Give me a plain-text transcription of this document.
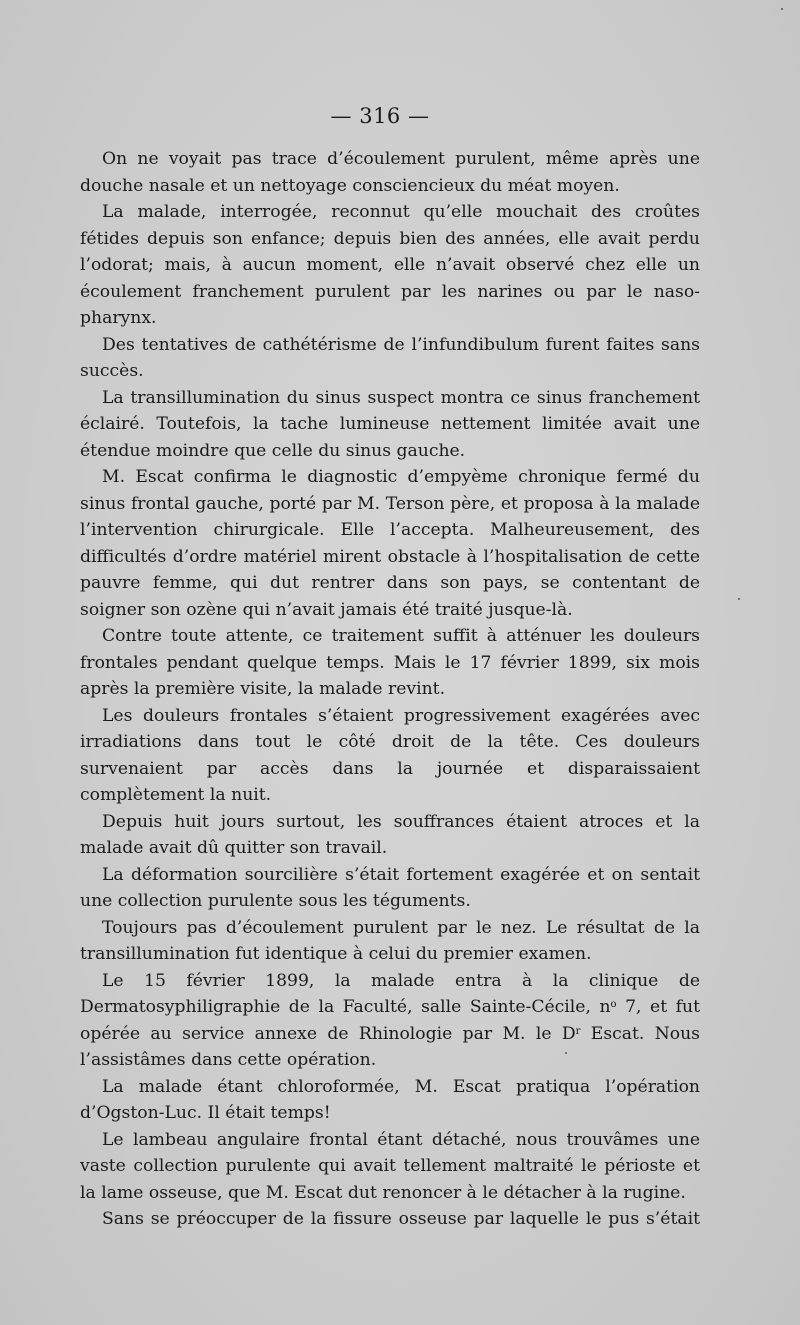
— 316 —

On ne voyait pas trace d’écoulement purulent, même après une douche nasale et un nettoyage consciencieux du méat moyen.

La malade, interrogée, reconnut qu’elle mouchait des croûtes fétides depuis son enfance; depuis bien des années, elle avait perdu l’odorat; mais, à aucun moment, elle n’avait observé chez elle un écoulement franchement purulent par les narines ou par le naso-pharynx.

Des tentatives de cathétérisme de l’infundibulum furent faites sans succès.

La transillumination du sinus suspect montra ce sinus franchement éclairé. Toutefois, la tache lumineuse nettement limitée avait une étendue moindre que celle du sinus gauche.

M. Escat confirma le diagnostic d’empyème chronique fermé du sinus frontal gauche, porté par M. Terson père, et proposa à la malade l’intervention chirurgicale. Elle l’accepta. Malheureusement, des difficultés d’ordre matériel mirent obstacle à l’hospitalisation de cette pauvre femme, qui dut rentrer dans son pays, se contentant de soigner son ozène qui n’avait jamais été traité jusque-là.

Contre toute attente, ce traitement suffit à atténuer les douleurs frontales pendant quelque temps. Mais le 17 février 1899, six mois après la première visite, la malade revint.

Les douleurs frontales s’étaient progressivement exagérées avec irradiations dans tout le côté droit de la tête. Ces douleurs survenaient par accès dans la journée et disparaissaient complètement la nuit.

Depuis huit jours surtout, les souffrances étaient atroces et la malade avait dû quitter son travail.

La déformation sourcilière s’était fortement exagérée et on sentait une collection purulente sous les téguments.

Toujours pas d’écoulement purulent par le nez. Le résultat de la transillumination fut identique à celui du premier examen.

Le 15 février 1899, la malade entra à la clinique de Dermatosyphiligraphie de la Faculté, salle Sainte-Cécile, $n^o$ 7, et fut opérée au service annexe de Rhinologie par M. le $D^r$ Escat. Nous l’assistâmes dans cette opération.

La malade étant chloroformée, M. Escat pratiqua l’opération d’Ogston-Luc. Il était temps!

Le lambeau angulaire frontal étant détaché, nous trouvâmes une vaste collection purulente qui avait tellement maltraité le périoste et la lame osseuse, que M. Escat dut renoncer à le détacher à la rugine.

Sans se préoccuper de la fissure osseuse par laquelle le pus s’était
